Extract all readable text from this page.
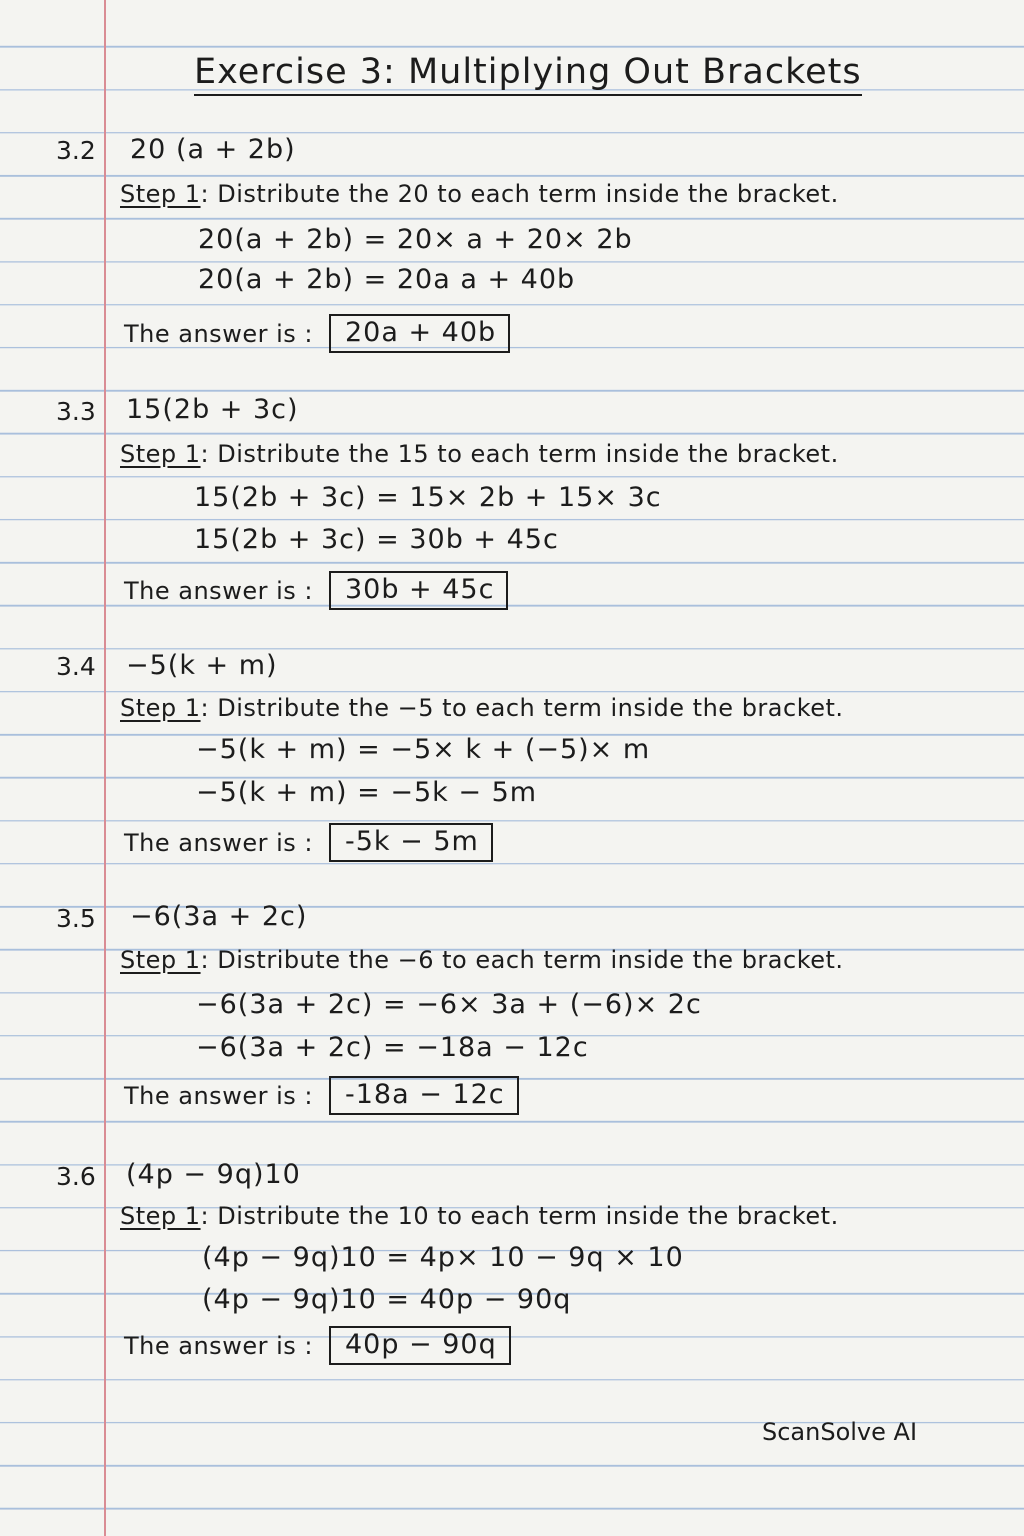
Exercise 3: Multiplying Out Brackets
3.2 20 (a + 2b)
Step 1: Distribute the 20 to each term inside the bracket.
20(a + 2b) = 20× a + 20× 2b
20(a + 2b) = 20a a + 40b
The answer is :	20a + 40b
3.3 15(2b + 3c)
Step 1: Distribute the 15 to each term inside the bracket.
15(2b + 3c) = 15× 2b + 15× 3c
15(2b + 3c) = 30b + 45c
The answer is :	30b + 45c
3.4 −5(k + m)
Step 1: Distribute the −5 to each term inside the bracket.
−5(k + m) = −5× k + (−5)× m
−5(k + m) = −5k − 5m
The answer is :	-5k − 5m
3.5 −6(3a + 2c)
Step 1: Distribute the −6 to each term inside the bracket.
−6(3a + 2c) = −6× 3a + (−6)× 2c
−6(3a + 2c) = −18a − 12c
The answer is :	-18a − 12c
3.6 (4p − 9q)10
Step 1: Distribute the 10 to each term inside the bracket.
(4p − 9q)10 = 4p× 10 − 9q × 10
(4p − 9q)10 = 40p − 90q
The answer is :	40p − 90q
ScanSolve AI
